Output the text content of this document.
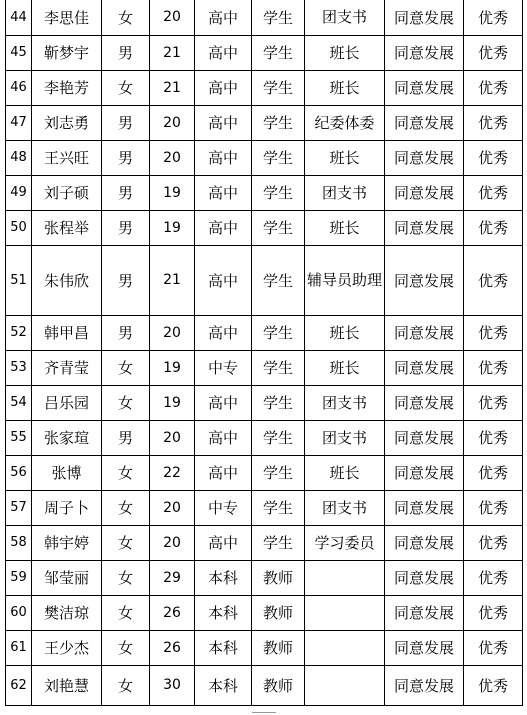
44	李思佳	女	20	高中	学生	团支书	同意发展	优秀
45	靳梦宇	男	21	高中	学生	班长	同意发展	优秀
46	李艳芳	女	21	高中	学生	班长	同意发展	优秀
47	刘志勇	男	20	高中	学生	纪委体委	同意发展	优秀
48	王兴旺	男	20	高中	学生	班长	同意发展	优秀
49	刘子硕	男	19	高中	学生	团支书	同意发展	优秀
50	张程举	男	19	高中	学生	班长	同意发展	优秀
51	朱伟欣	男	21	高中	学生	辅导员助理	同意发展	优秀
52	韩甲昌	男	20	高中	学生	班长	同意发展	优秀
53	齐青莹	女	19	中专	学生	班长	同意发展	优秀
54	吕乐园	女	19	高中	学生	团支书	同意发展	优秀
55	张家瑄	男	20	高中	学生	团支书	同意发展	优秀
56	张博	女	22	高中	学生	班长	同意发展	优秀
57	周子卜	女	20	中专	学生	团支书	同意发展	优秀
58	韩宇婷	女	20	高中	学生	学习委员	同意发展	优秀
59	邹莹丽	女	29	本科	教师		同意发展	优秀
60	樊洁琼	女	26	本科	教师		同意发展	优秀
61	王少杰	女	26	本科	教师		同意发展	优秀
62	刘艳慧	女	30	本科	教师		同意发展	优秀
